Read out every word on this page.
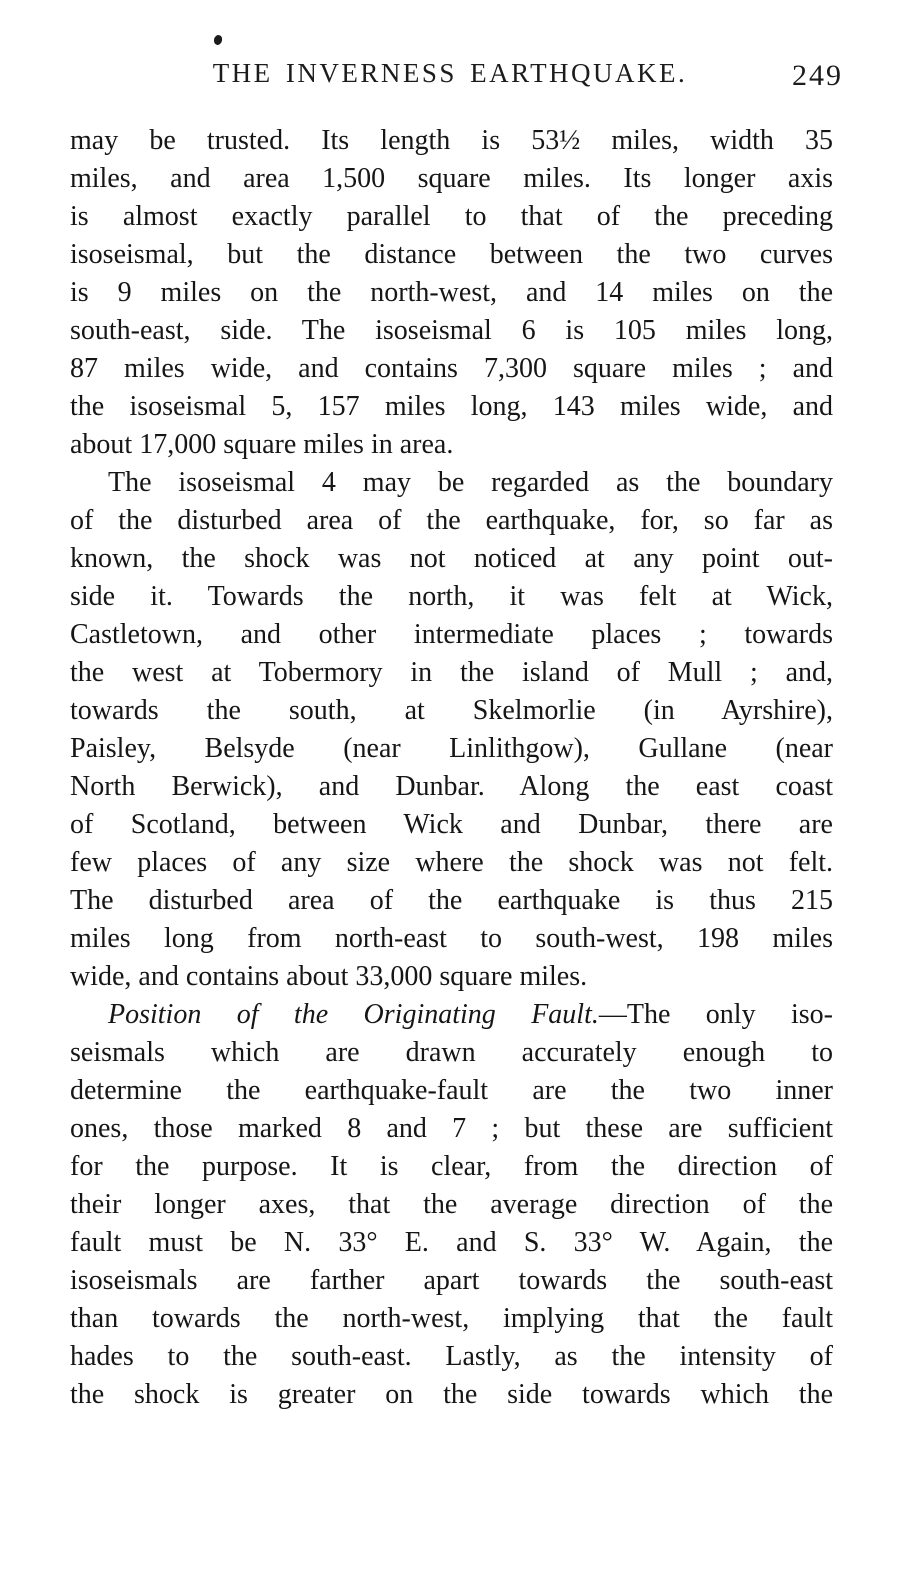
THE INVERNESS EARTHQUAKE.	249
may be trusted. Its length is 53½ miles, width 35
miles, and area 1,500 square miles. Its longer axis
is almost exactly parallel to that of the preceding
isoseismal, but the distance between the two curves
is 9 miles on the north-west, and 14 miles on the
south-east, side. The isoseismal 6 is 105 miles long,
87 miles wide, and contains 7,300 square miles ; and
the isoseismal 5, 157 miles long, 143 miles wide, and
about 17,000 square miles in area.
The isoseismal 4 may be regarded as the boundary
of the disturbed area of the earthquake, for, so far as
known, the shock was not noticed at any point out-
side it. Towards the north, it was felt at Wick,
Castletown, and other intermediate places ; towards
the west at Tobermory in the island of Mull ; and,
towards the south, at Skelmorlie (in Ayrshire),
Paisley, Belsyde (near Linlithgow), Gullane (near
North Berwick), and Dunbar. Along the east coast
of Scotland, between Wick and Dunbar, there are
few places of any size where the shock was not felt.
The disturbed area of the earthquake is thus 215
miles long from north-east to south-west, 198 miles
wide, and contains about 33,000 square miles.
Position of the Originating Fault.—The only iso-
seismals which are drawn accurately enough to
determine the earthquake-fault are the two inner
ones, those marked 8 and 7 ; but these are sufficient
for the purpose. It is clear, from the direction of
their longer axes, that the average direction of the
fault must be N. 33° E. and S. 33° W. Again, the
isoseismals are farther apart towards the south-east
than towards the north-west, implying that the fault
hades to the south-east. Lastly, as the intensity of
the shock is greater on the side towards which the
